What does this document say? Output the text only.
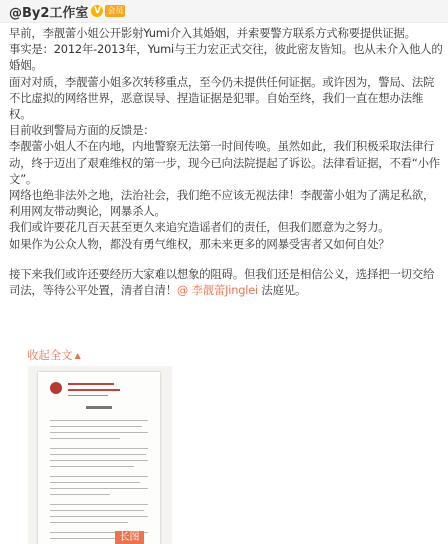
@By2工作室 V 会员

早前，李靓蕾小姐公开影射Yumi介入其婚姻，并索要警方联系方式称要提供证据。

事实是：2012年-2013年，Yumi与王力宏正式交往，彼此密友皆知。也从未介入他人的婚姻。

面对对质，李靓蕾小姐多次转移重点，至今仍未提供任何证据。或许因为，警局、法院不比虚拟的网络世界，恶意误导、捏造证据是犯罪。自始至终，我们一直在想办法维权。

目前收到警局方面的反馈是：

李靓蕾小姐人不在内地，内地警察无法第一时间传唤。虽然如此，我们积极采取法律行动，终于迈出了艰难维权的第一步，现今已向法院提起了诉讼。法律看证据，不看“小作文”。

网络也绝非法外之地，法治社会，我们绝不应该无视法律！李靓蕾小姐为了满足私欲，利用网友带动舆论，网暴杀人。

我们或许要花几百天甚至更久来追究造谣者们的责任，但我们愿意为之努力。

如果作为公众人物，都没有勇气维权，那未来更多的网暴受害者又如何自处？

接下来我们或许还要经历大家难以想象的阻碍。但我们还是相信公义，选择把一切交给司法，等待公平处置，清者自清！@ 李靓蕾Jinglei 法庭见。

收起全文 ▲
长图
